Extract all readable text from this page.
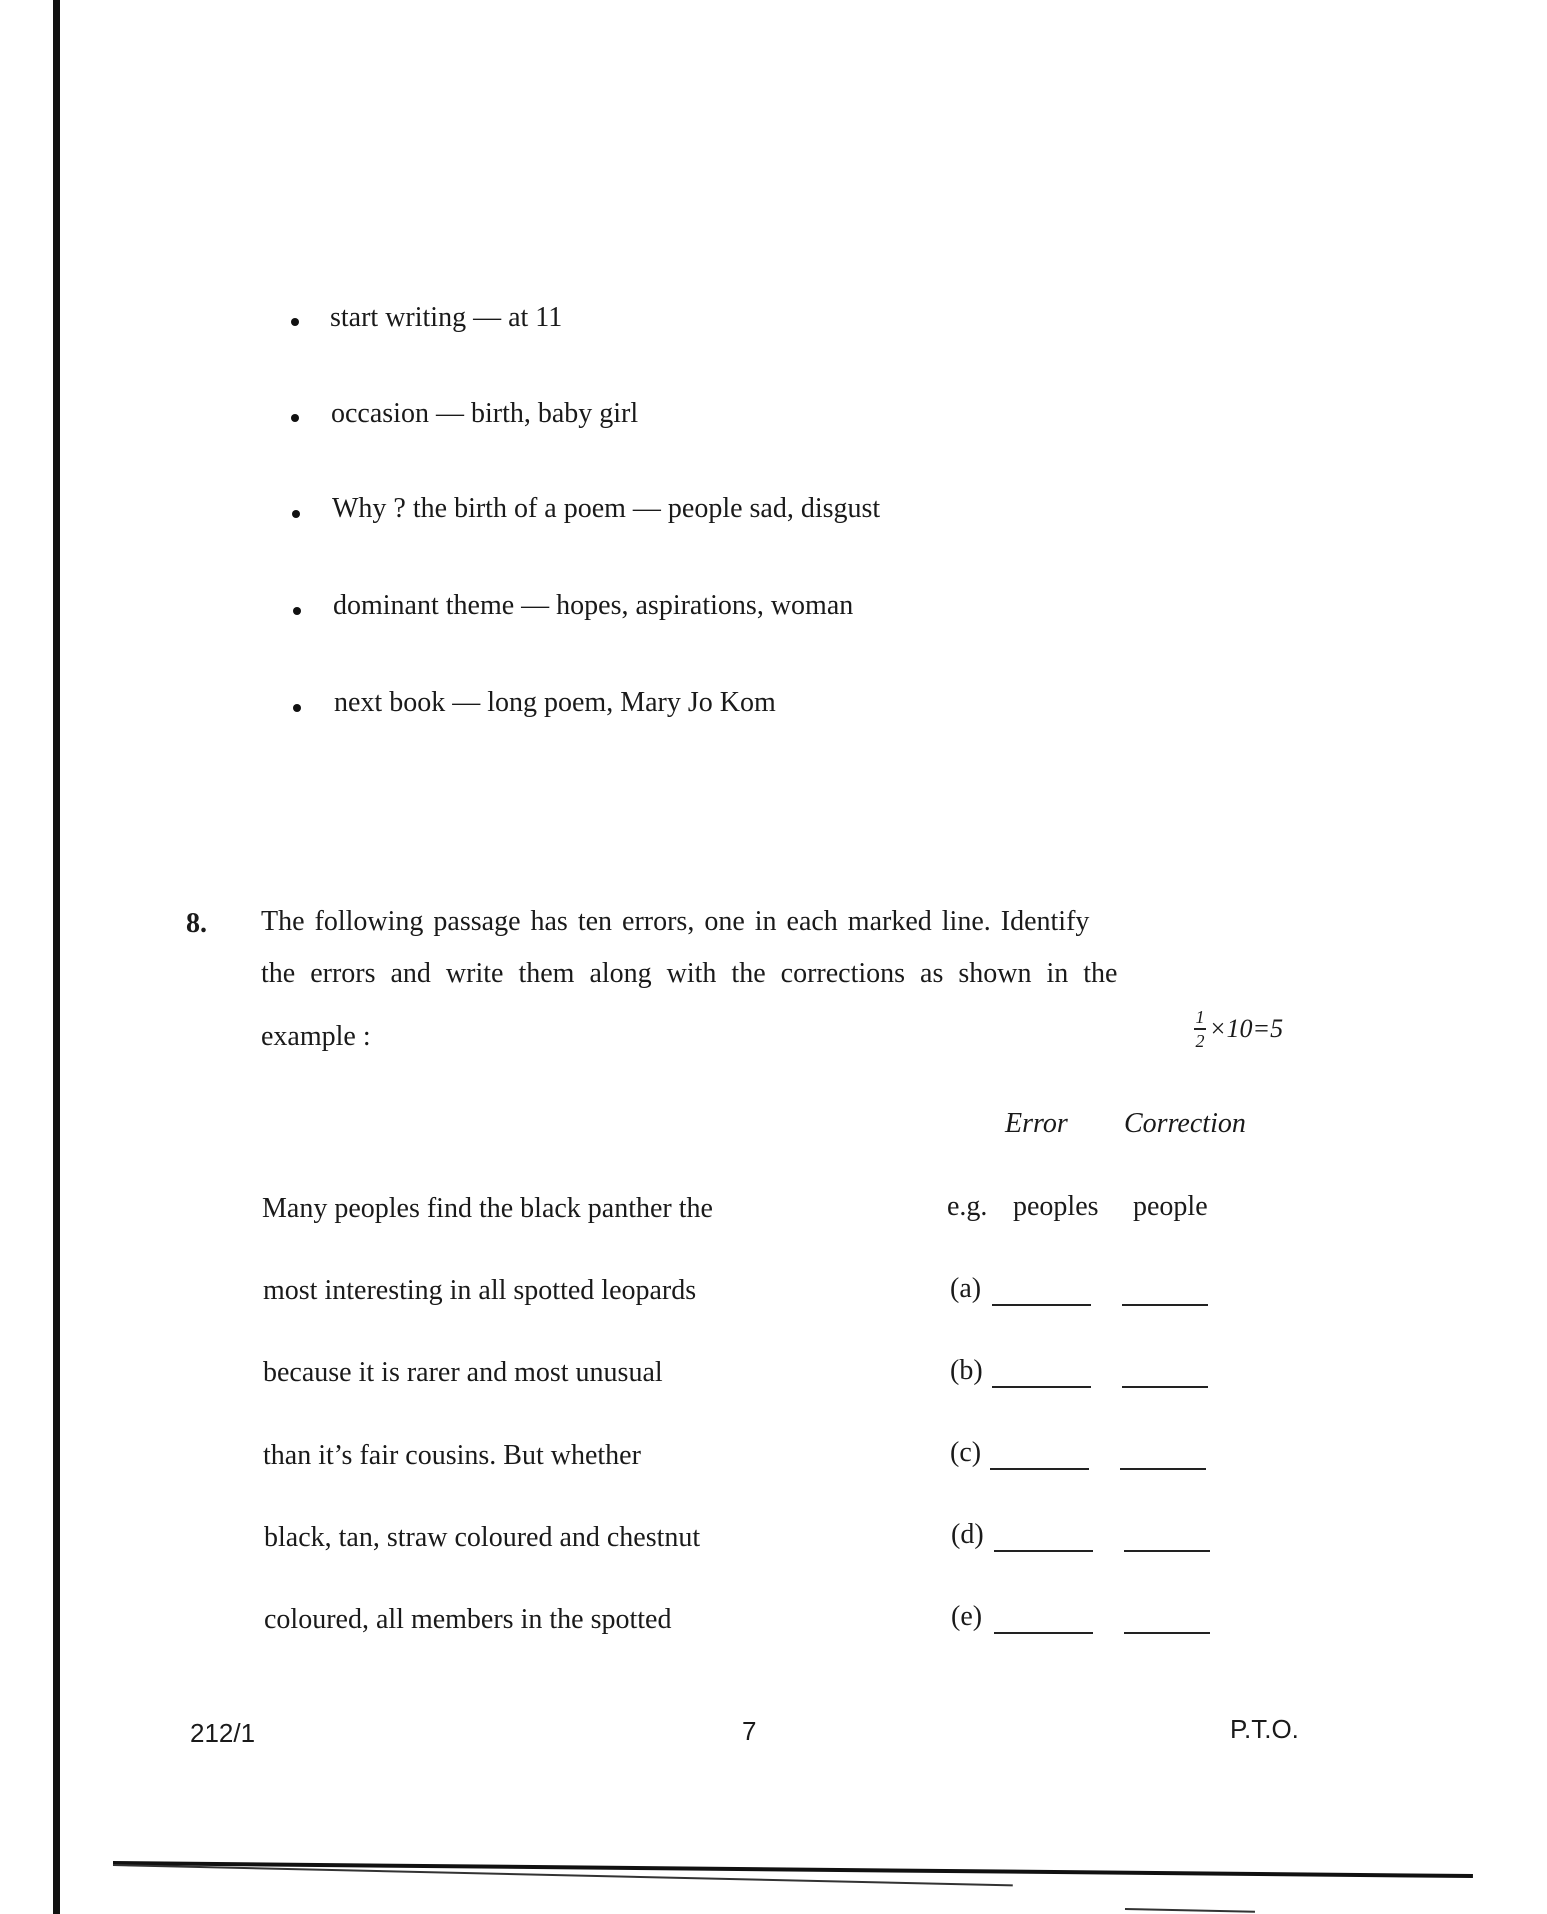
start writing — at 11
occasion — birth, baby girl
Why ? the birth of a poem — people sad, disgust
dominant theme — hopes, aspirations, woman
next book — long poem, Mary Jo Kom
8. The following passage has ten errors, one in each marked line. Identify
the errors and write them along with the corrections as shown in the
example :
1
2 ×10=5
Error Correction
Many peoples find the black panther the	e.g. peoples people
most interesting in all spotted leopards	(a)
because it is rarer and most unusual	(b)
than it’s fair cousins. But whether	(c)
black, tan, straw coloured and chestnut	(d)
coloured, all members in the spotted	(e)
212/1	7	P.T.O.
